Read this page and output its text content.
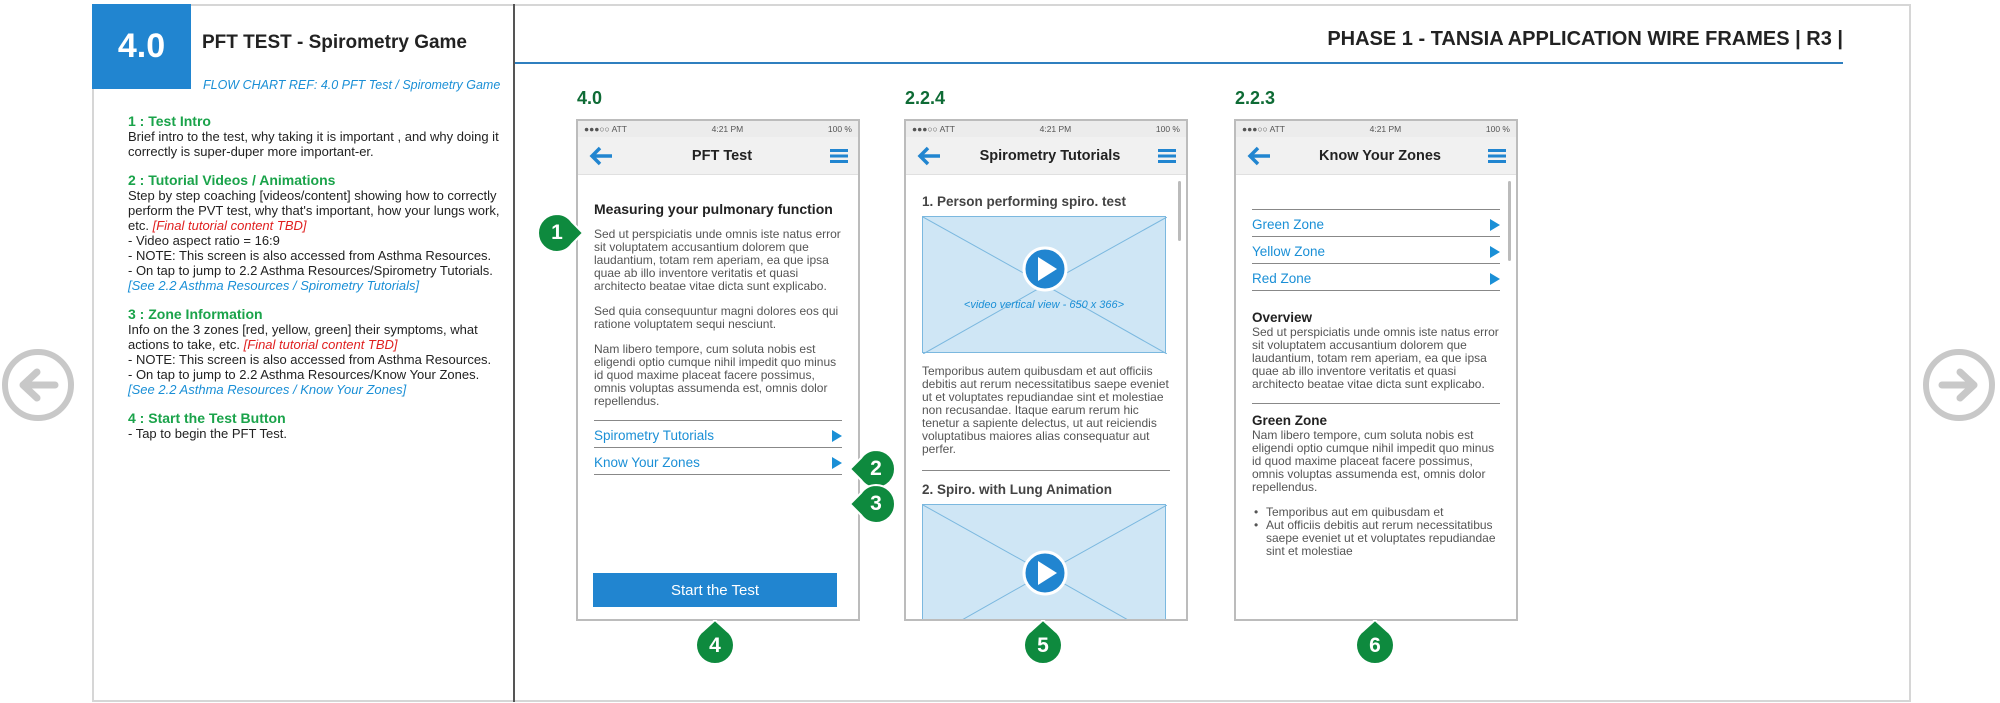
4.0	PFT TEST - Spirometry Game	PHASE 1 - TANSIA APPLICATION WIRE FRAMES | R3 |
FLOW CHART REF: 4.0 PFT Test / Spirometry Game
1 : Test Intro
Brief intro to the test, why taking it is important , and why doing it correctly is super-duper more important-er.
2 : Tutorial Videos / Animations
Step by step coaching [videos/content] showing how to correctly perform the PVT test, why that's important, how your lungs work, etc. [Final tutorial content TBD]
- Video aspect ratio = 16:9
- NOTE: This screen is also accessed from Asthma Resources.
- On tap to jump to 2.2 Asthma Resources/Spirometry Tutorials. [See 2.2 Asthma Resources / Spirometry Tutorials]
3 : Zone Information
Info on the 3 zones [red, yellow, green] their symptoms, what actions to take, etc. [Final tutorial content TBD]
- NOTE: This screen is also accessed from Asthma Resources.
- On tap to jump to 2.2 Asthma Resources/Know Your Zones.
[See 2.2 Asthma Resources / Know Your Zones]
4 : Start the Test Button
- Tap to begin the PFT Test.
4.0
●●●○○ ATT	4:21 PM	100 %
PFT Test
Measuring your pulmonary function
Sed ut perspiciatis unde omnis iste natus error sit voluptatem accusantium dolorem que laudantium, totam rem aperiam, ea que ipsa quae ab illo inventore veritatis et quasi architecto beatae vitae dicta sunt explicabo.
Sed quia consequuntur magni dolores eos qui ratione voluptatem sequi nesciunt.
Nam libero tempore, cum soluta nobis est eligendi optio cumque nihil impedit quo minus id quod maxime placeat facere possimus, omnis voluptas assumenda est, omnis dolor repellendus.
Spirometry Tutorials
Know Your Zones
Start the Test
2.2.4
●●●○○ ATT	4:21 PM	100 %
Spirometry Tutorials
1. Person performing spiro. test
<video vertical view - 650 x 366>
Temporibus autem quibusdam et aut officiis debitis aut rerum necessitatibus saepe eveniet ut et voluptates repudiandae sint et molestiae non recusandae. Itaque earum rerum hic tenetur a sapiente delectus, ut aut reiciendis voluptatibus maiores alias consequatur aut perfer.
2. Spiro. with Lung Animation
2.2.3
●●●○○ ATT	4:21 PM	100 %
Know Your Zones
Green Zone
Yellow Zone
Red Zone
Overview
Sed ut perspiciatis unde omnis iste natus error sit voluptatem accusantium dolorem que laudantium, totam rem aperiam, ea que ipsa quae ab illo inventore veritatis et quasi architecto beatae vitae dicta sunt explicabo.
Green Zone
Nam libero tempore, cum soluta nobis est eligendi optio cumque nihil impedit quo minus id quod maxime placeat facere possimus, omnis voluptas assumenda est, omnis dolor repellendus.
• Temporibus aut em quibusdam et
• Aut officiis debitis aut rerum necessitatibus saepe eveniet ut et voluptates repudiandae sint et molestiae
1
2
3
4	5	6
